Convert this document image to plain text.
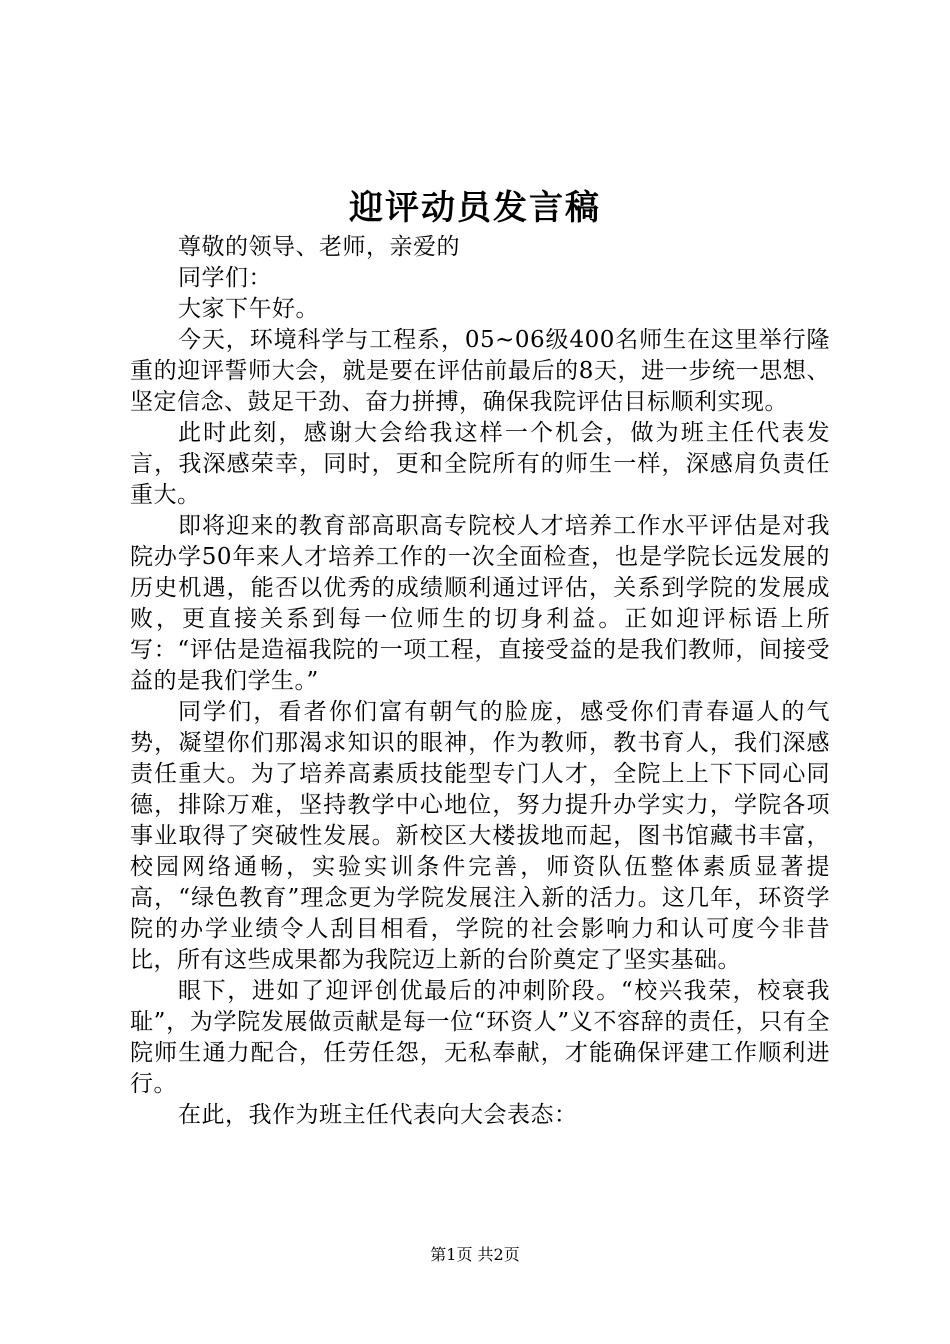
迎评动员发言稿

尊敬的领导、老师，亲爱的

同学们：

大家下午好。

今天，环境科学与工程系，05~06级400名师生在这里举行隆重的迎评誓师大会，就是要在评估前最后的8天，进一步统一思想、坚定信念、鼓足干劲、奋力拼搏，确保我院评估目标顺利实现。

此时此刻，感谢大会给我这样一个机会，做为班主任代表发言，我深感荣幸，同时，更和全院所有的师生一样，深感肩负责任重大。

即将迎来的教育部高职高专院校人才培养工作水平评估是对我院办学50年来人才培养工作的一次全面检查，也是学院长远发展的历史机遇，能否以优秀的成绩顺利通过评估，关系到学院的发展成败，更直接关系到每一位师生的切身利益。正如迎评标语上所写：“评估是造福我院的一项工程，直接受益的是我们教师，间接受益的是我们学生。”

同学们，看者你们富有朝气的脸庞，感受你们青春逼人的气势，凝望你们那渴求知识的眼神，作为教师，教书育人，我们深感责任重大。为了培养高素质技能型专门人才，全院上上下下同心同德，排除万难，坚持教学中心地位，努力提升办学实力，学院各项事业取得了突破性发展。新校区大楼拔地而起，图书馆藏书丰富，校园网络通畅，实验实训条件完善，师资队伍整体素质显著提高，“绿色教育”理念更为学院发展注入新的活力。这几年，环资学院的办学业绩令人刮目相看，学院的社会影响力和认可度今非昔比，所有这些成果都为我院迈上新的台阶奠定了坚实基础。

眼下，进如了迎评创优最后的冲刺阶段。“校兴我荣，校衰我耻”，为学院发展做贡献是每一位“环资人”义不容辞的责任，只有全院师生通力配合，任劳任怨，无私奉献，才能确保评建工作顺利进行。

在此，我作为班主任代表向大会表态：

第1页 共2页
